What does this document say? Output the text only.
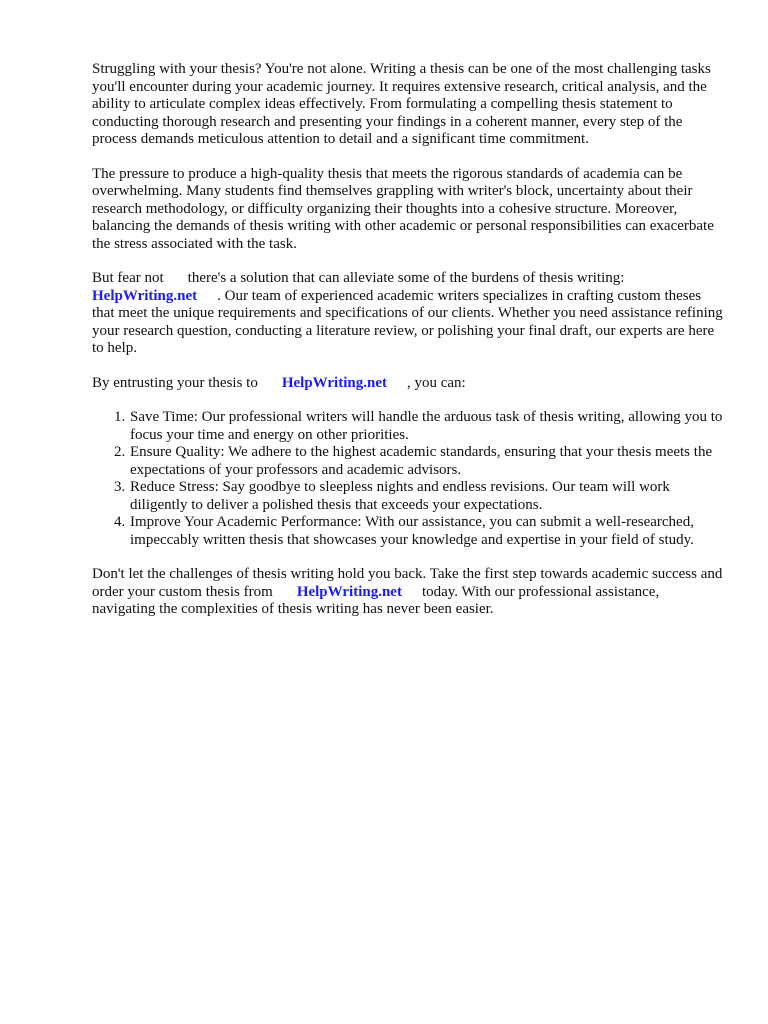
Struggling with your thesis? You're not alone. Writing a thesis can be one of the most challenging tasks you'll encounter during your academic journey. It requires extensive research, critical analysis, and the ability to articulate complex ideas effectively. From formulating a compelling thesis statement to conducting thorough research and presenting your findings in a coherent manner, every step of the process demands meticulous attention to detail and a significant time commitment.

The pressure to produce a high-quality thesis that meets the rigorous standards of academia can be overwhelming. Many students find themselves grappling with writer's block, uncertainty about their research methodology, or difficulty organizing their thoughts into a cohesive structure. Moreover, balancing the demands of thesis writing with other academic or personal responsibilities can exacerbate the stress associated with the task.

But fear not there's a solution that can alleviate some of the burdens of thesis writing:
HelpWriting.net . Our team of experienced academic writers specializes in crafting custom theses that meet the unique requirements and specifications of our clients. Whether you need assistance refining your research question, conducting a literature review, or polishing your final draft, our experts are here to help.

By entrusting your thesis to HelpWriting.net , you can:

1. Save Time: Our professional writers will handle the arduous task of thesis writing, allowing you to focus your time and energy on other priorities.
2. Ensure Quality: We adhere to the highest academic standards, ensuring that your thesis meets the expectations of your professors and academic advisors.
3. Reduce Stress: Say goodbye to sleepless nights and endless revisions. Our team will work diligently to deliver a polished thesis that exceeds your expectations.
4. Improve Your Academic Performance: With our assistance, you can submit a well-researched, impeccably written thesis that showcases your knowledge and expertise in your field of study.

Don't let the challenges of thesis writing hold you back. Take the first step towards academic success and order your custom thesis from HelpWriting.net today. With our professional assistance, navigating the complexities of thesis writing has never been easier.
